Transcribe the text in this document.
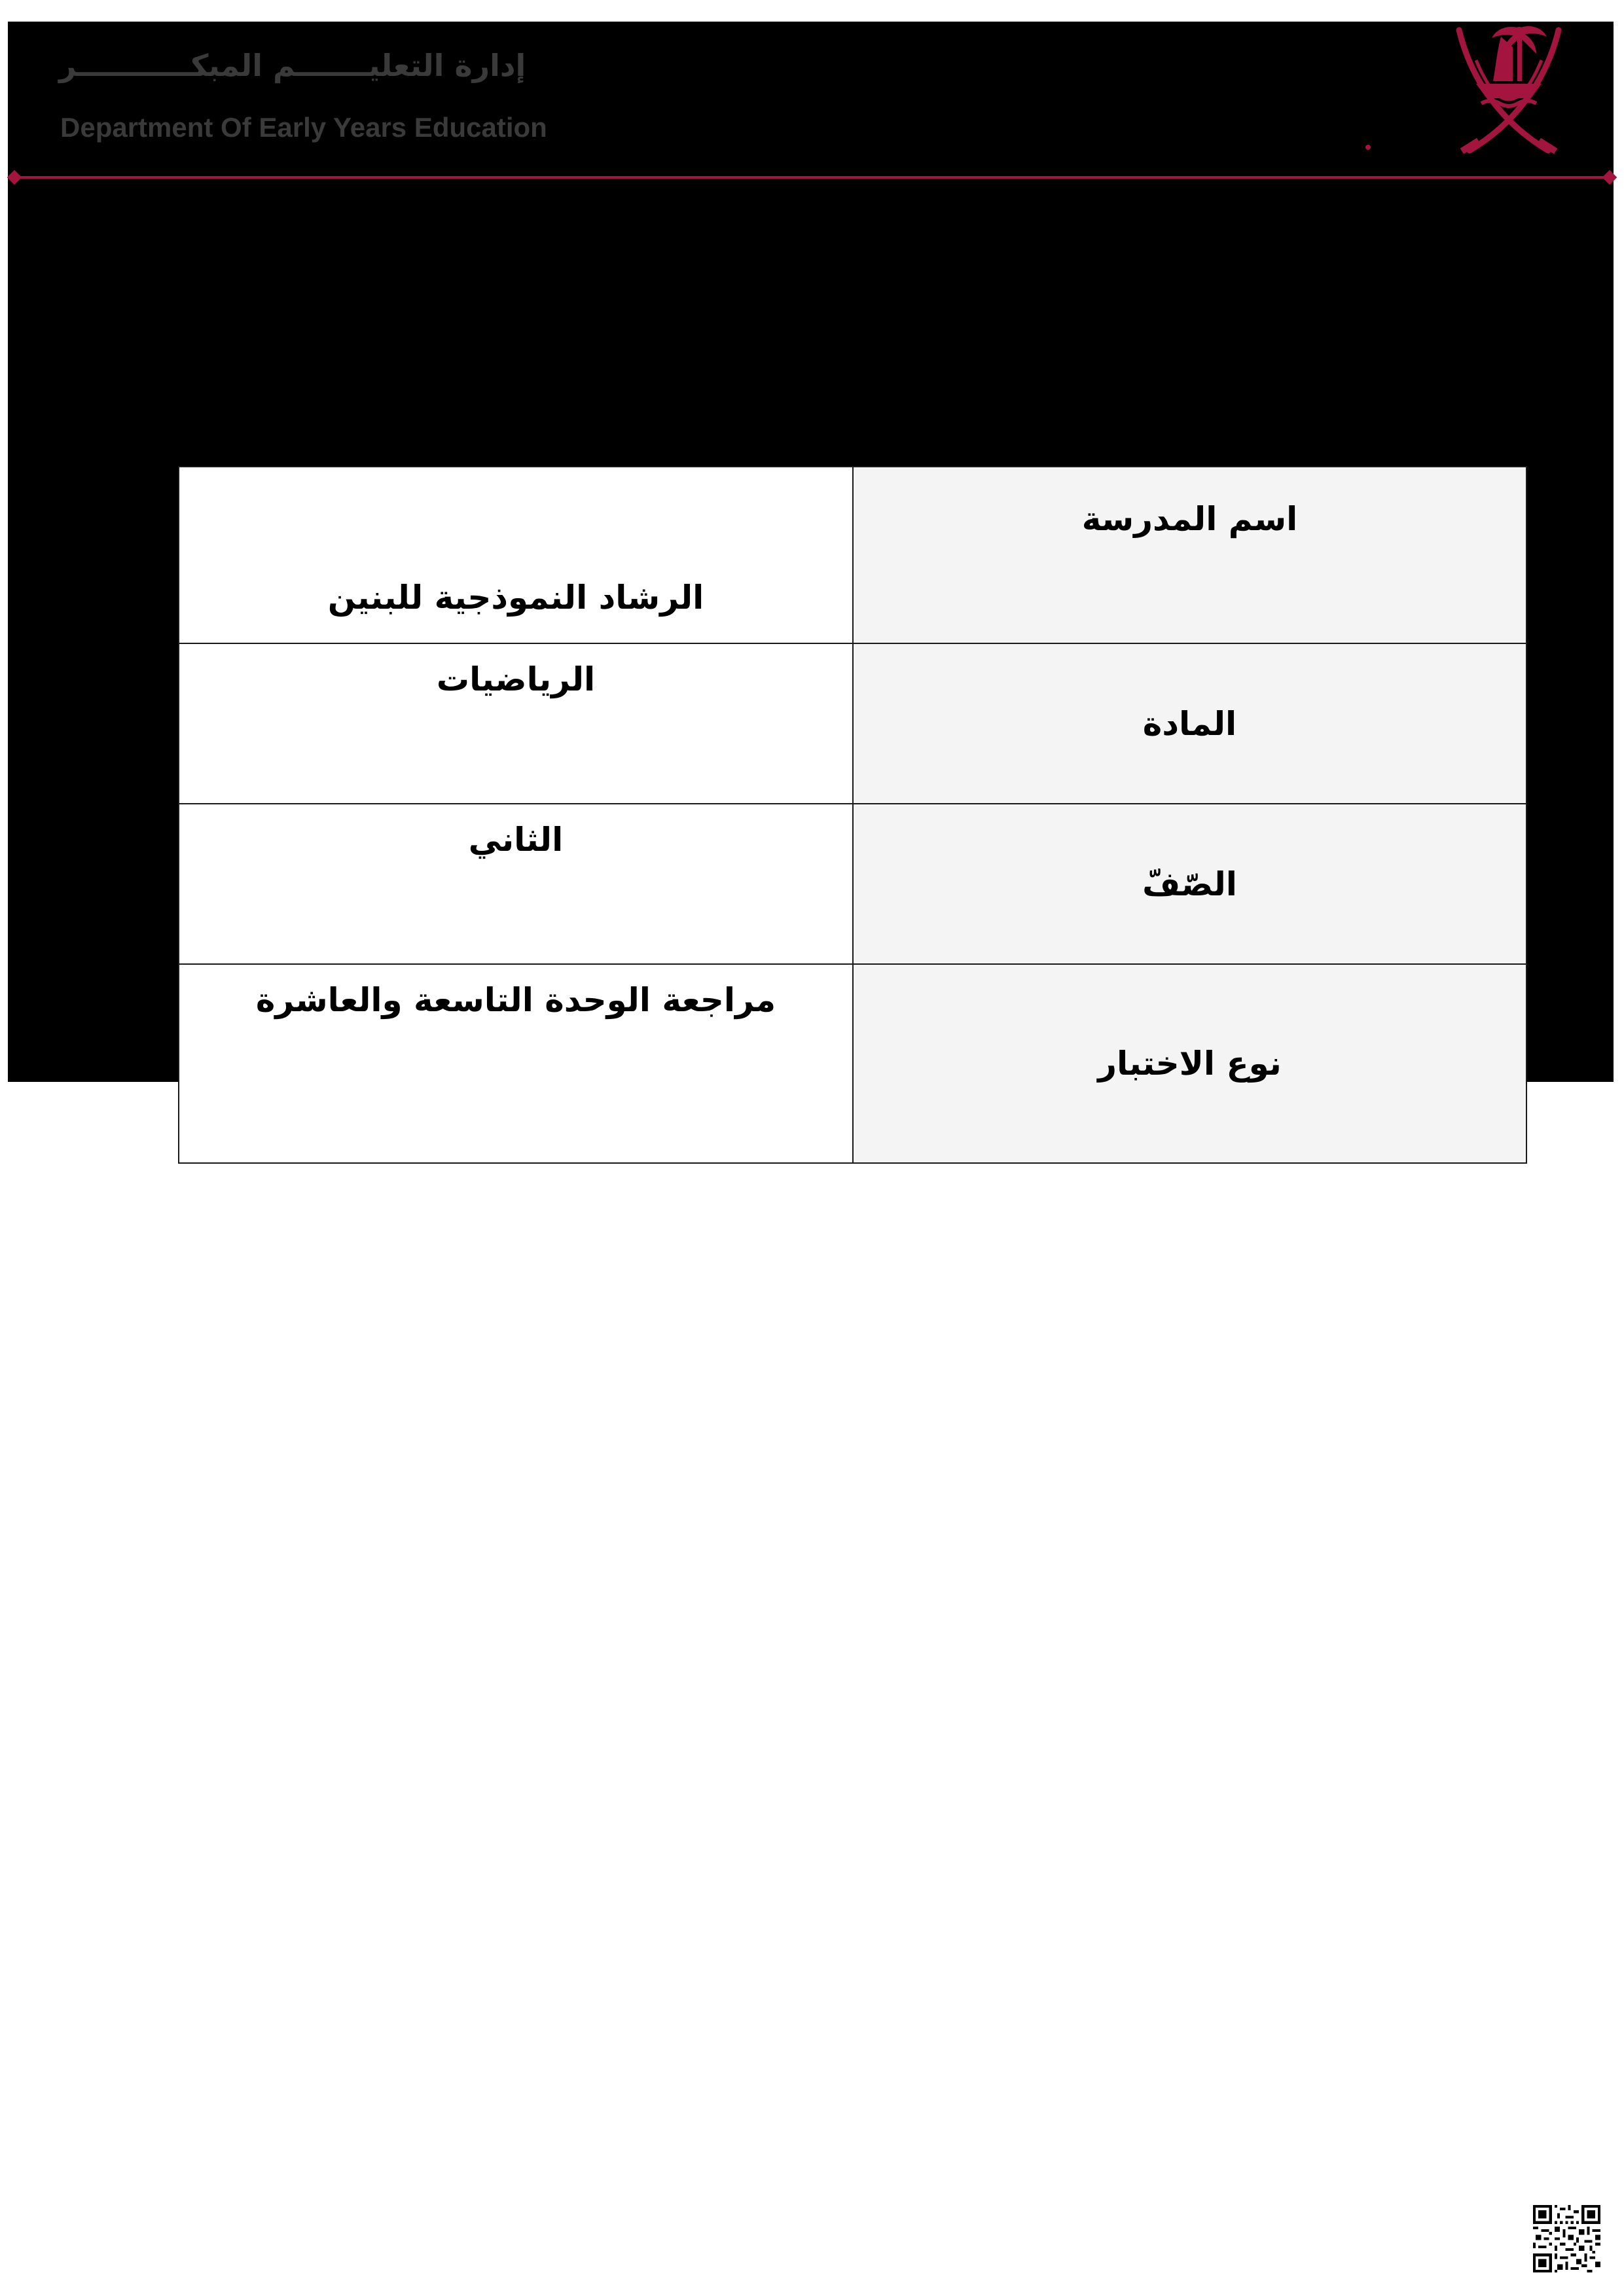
إدارة التعليـــــــم المبكـــــــــــر
Department Of Early Years Education
الرشاد النموذجية للبنين	اسم المدرسة
الرياضيات	المادة
الثاني	الصّفّ
مراجعة الوحدة التاسعة والعاشرة	نوع الاختبار
